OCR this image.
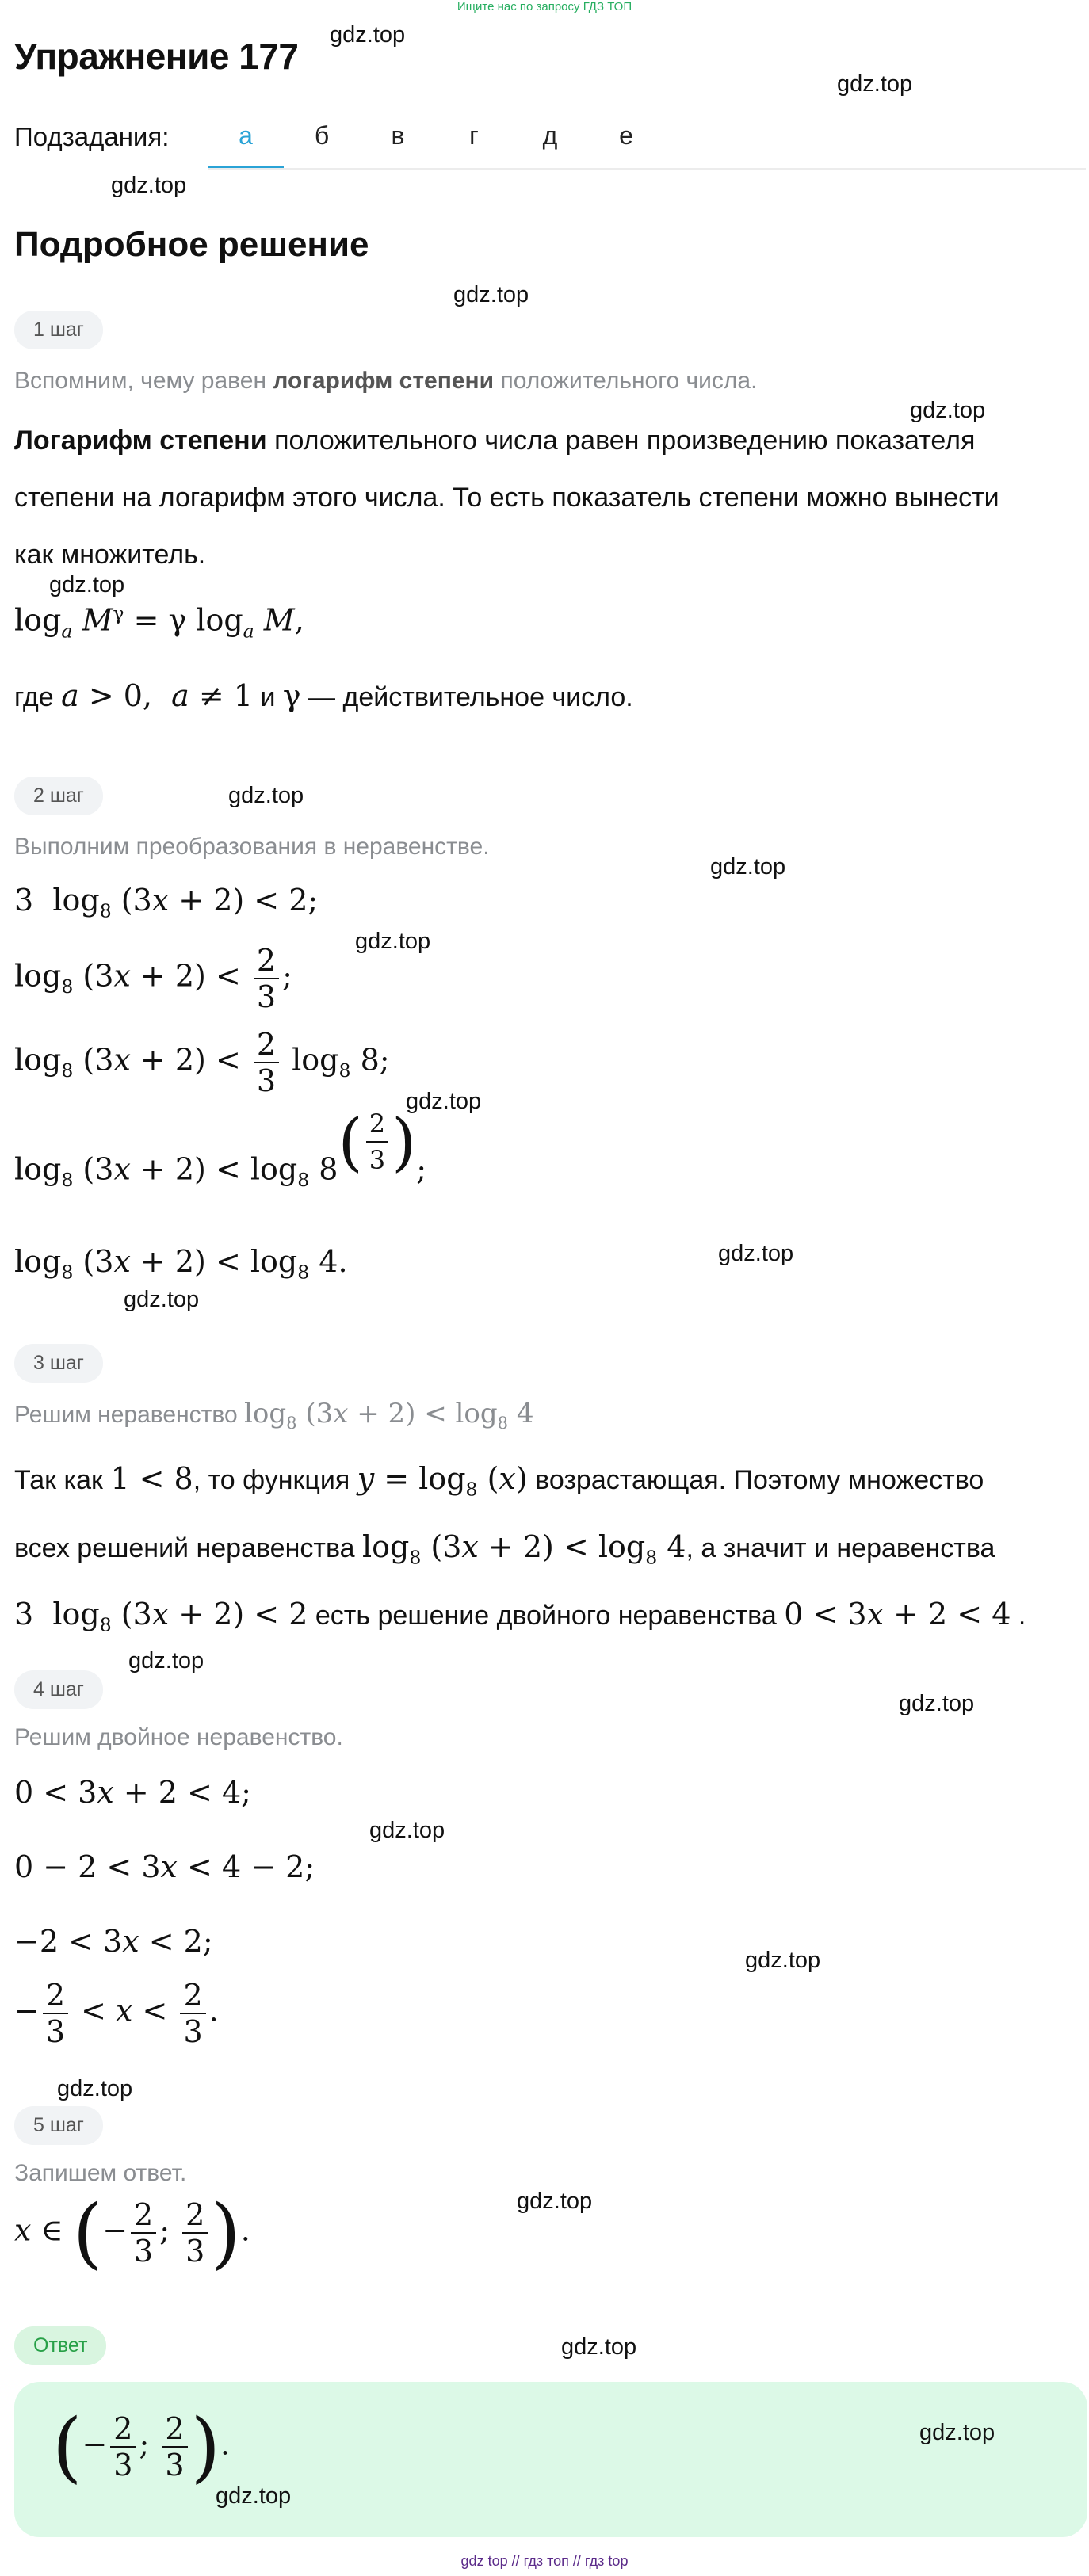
Ищите нас по запросу ГДЗ ТОП
Упражнение 177
Подзадания:	а	б	в	г	д	е
Подробное решение
1 шаг
Вспомним, чему равен логарифм степени положительного числа.
Логарифм степени положительного числа равен произведению показателя
степени на логарифм этого числа. То есть показатель степени можно вынести
как множитель.
$\log_a M^\gamma = \gamma$ $\log_a M$,
где a > 0,  a ≠ 1 и γ — действительное число.
2 шаг
Выполним преобразования в неравенстве.
3  $\log_8 (3x + 2) < 2$;
$\log_8 (3x + 2) < \frac{2}{3}$ ;
$\log_8 (3x + 2) < \frac{2}{3} \log_8 8$;
$\log_8 (3x + 2) < \log_8 8^{( \frac{2}{3} )}$;
$\log_8 (3x + 2) < \log_8 4$.
3 шаг
Решим неравенство $\log_8 (3x + 2) < \log_8 4$
Так как 1 < 8, то функция $y = \log_8 (x)$ возрастающая. Поэтому множество
всех решений неравенства $\log_8 (3x + 2) < \log_8 4$, а значит и неравенства
3  $\log_8 (3x + 2) < 2$ есть решение двойного неравенства 0 < 3x + 2 < 4 .
4 шаг
Решим двойное неравенство.
0 < 3x + 2 < 4;
0 − 2 < 3x < 4 − 2;
−2 < 3x < 2;
− $\frac{2}{3} < x < \frac{2}{3}$ .
5 шаг
Запишем ответ.
x ∈ (− $\frac{2}{3}$ ; $\frac{2}{3}$ ).
Ответ
(− $\frac{2}{3}$ ; $\frac{2}{3}$ ).
gdz.top
gdz.top
gdz.top
gdz.top
gdz.top
gdz.top
gdz.top
gdz.top
gdz.top
gdz.top
gdz.top
gdz.top
gdz.top
gdz.top
gdz.top
gdz.top
gdz.top
gdz.top
gdz.top
gdz.top
gdz.top
gdz top // гдз топ // гдз top
